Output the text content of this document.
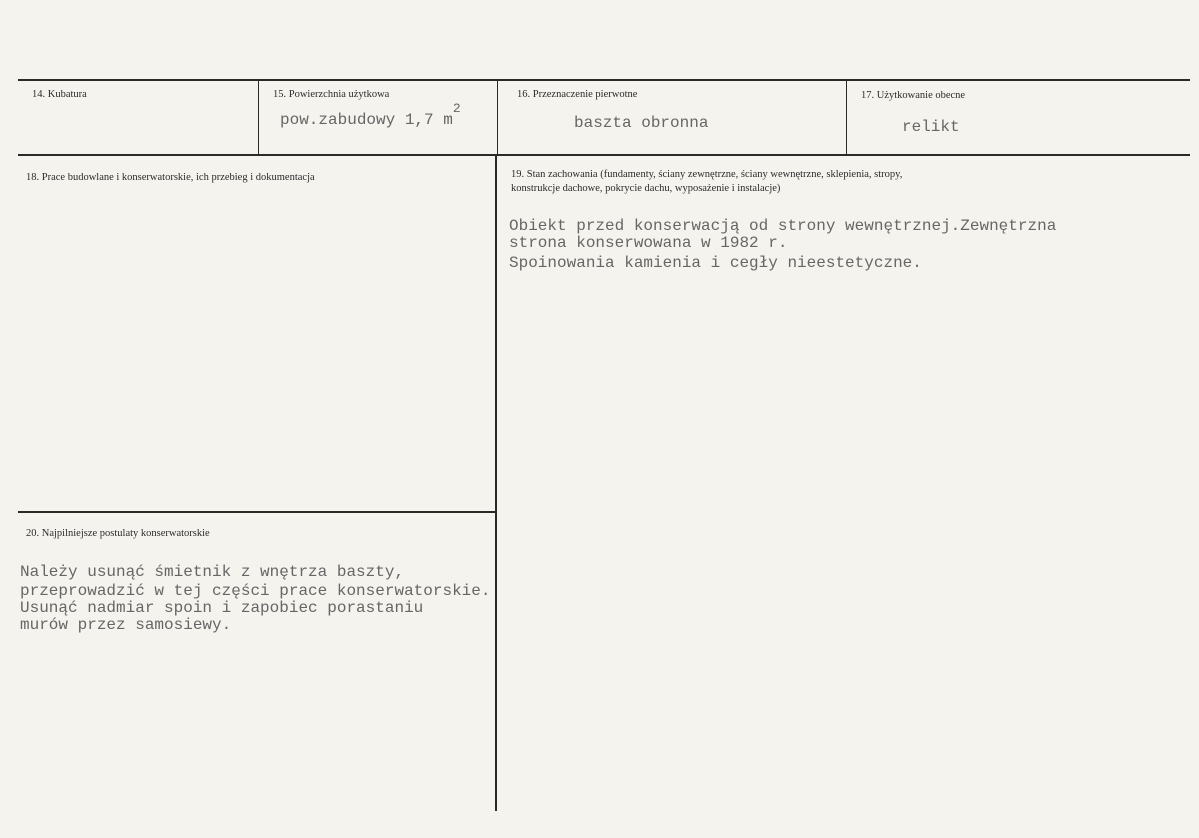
14. Kubatura	15. Powierzchnia użytkowa

pow.zabudowy 1,7 $m^2$

16. Przeznaczenie pierwotne

baszta obronna

17. Użytkowanie obecne

relikt

18. Prace budowlane i konserwatorskie, ich przebieg i dokumentacja	19. Stan zachowania (fundamenty, ściany zewnętrzne, ściany wewnętrzne, sklepienia, stropy,

konstrukcje dachowe, pokrycie dachu, wyposażenie i instalacje)

Obiekt przed konserwacją od strony wewnętrznej.Zewnętrzna

strona konserwowana w 1982 r.

Spoinowania kamienia i cegły nieestetyczne.

20. Najpilniejsze postulaty konserwatorskie

Należy usunąć śmietnik z wnętrza baszty,

przeprowadzić w tej części prace konserwatorskie.

Usunąć nadmiar spoin i zapobiec porastaniu

murów przez samosiewy.
